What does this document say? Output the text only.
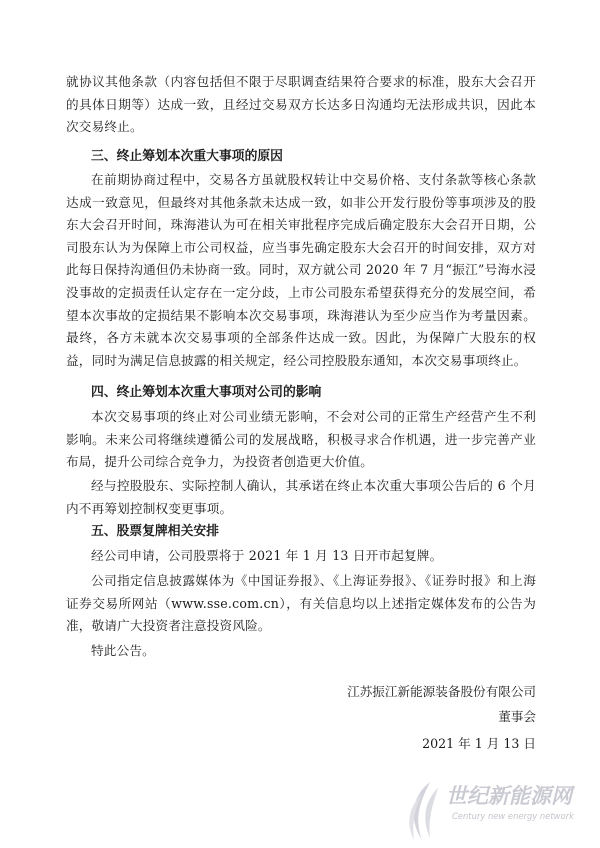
就协议其他条款（内容包括但不限于尽职调查结果符合要求的标准，股东大会召开的具体日期等）达成一致，且经过交易双方长达多日沟通均无法形成共识，因此本次交易终止。
三、终止筹划本次重大事项的原因
在前期协商过程中，交易各方虽就股权转让中交易价格、支付条款等核心条款达成一致意见，但最终对其他条款未达成一致，如非公开发行股份等事项涉及的股东大会召开时间，珠海港认为可在相关审批程序完成后确定股东大会召开日期，公司股东认为为保障上市公司权益，应当事先确定股东大会召开的时间安排，双方对此每日保持沟通但仍未协商一致。同时，双方就公司 2020 年 7 月“振江”号海水浸没事故的定损责任认定存在一定分歧，上市公司股东希望获得充分的发展空间，希望本次事故的定损结果不影响本次交易事项，珠海港认为至少应当作为考量因素。最终，各方未就本次交易事项的全部条件达成一致。因此，为保障广大股东的权益，同时为满足信息披露的相关规定，经公司控股股东通知，本次交易事项终止。
四、终止筹划本次重大事项对公司的影响
本次交易事项的终止对公司业绩无影响，不会对公司的正常生产经营产生不利影响。未来公司将继续遵循公司的发展战略，积极寻求合作机遇，进一步完善产业布局，提升公司综合竞争力，为投资者创造更大价值。
经与控股股东、实际控制人确认，其承诺在终止本次重大事项公告后的 6 个月内不再筹划控制权变更事项。
五、股票复牌相关安排
经公司申请，公司股票将于 2021 年 1 月 13 日开市起复牌。
公司指定信息披露媒体为《中国证券报》、《上海证券报》、《证券时报》和上海证券交易所网站（www.sse.com.cn），有关信息均以上述指定媒体发布的公告为准，敬请广大投资者注意投资风险。
特此公告。
江苏振江新能源装备股份有限公司
董事会
2021 年 1 月 13 日
世纪新能源网
Century new energy network
